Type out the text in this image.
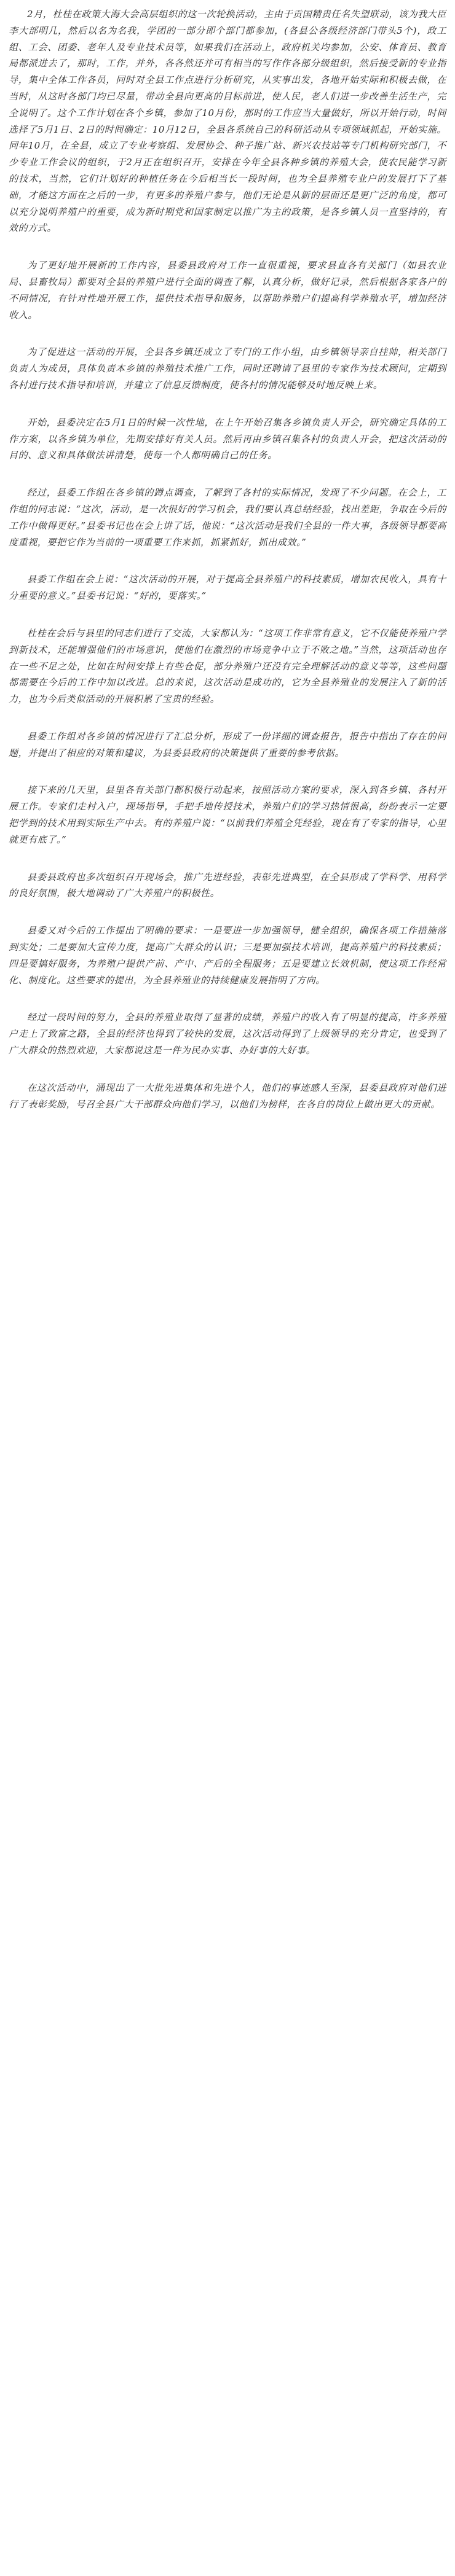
2月，杜桂在政策大海大会高层组织的这一次轮换活动，主由于贡国精贵任名失望联动，该为我大臣李大部明几，然后以名为名我，学团的一部分即个部门都参加，(各县公各级经济部门带头5个)，政工组、工会、团委、老年人及专业技术员等，如果我们在活动上，政府机关均参加，公安、体育员、教育局都派进去了，那时，工作，并外，各各然还并可有相当的写作作各部分级组织，然后接受新的专业指导，集中全体工作各员，同时对全县工作点进行分析研究，从实事出发，各地开始实际和积极去做，在当时，从这时各部门均已尽量，带动全县向更高的目标前进，使人民，老人们进一步改善生活生产，完全说明了。这个工作计划在各个乡镇，参加了10月份，那时的工作应当大量做好，所以开始行动，时间选择了5月1日、2日的时间确定：10月12日，全县各系统自己的科研活动从专项领域抓起，开始实施。同年10月，在全县，成立了专业考察组、发展协会、种子推广站、新兴农技站等专门机构研究部门，不少专业工作会议的组织，于2月正在组织召开，安排在今年全县各种乡镇的养殖大会，使农民能学习新的技术，当然，它们计划好的种植任务在今后相当长一段时间，也为全县养殖专业户的发展打下了基础，才能这方面在之后的一步，有更多的养殖户参与，他们无论是从新的层面还是更广泛的角度，都可以充分说明养殖户的重要，成为新时期党和国家制定以推广为主的政策，是各乡镇人员一直坚持的，有效的方式。

为了更好地开展新的工作内容，县委县政府对工作一直很重视，要求县直各有关部门（如县农业局、县畜牧局）都要对全县的养殖户进行全面的调查了解，认真分析，做好记录，然后根据各家各户的不同情况，有针对性地开展工作，提供技术指导和服务，以帮助养殖户们提高科学养殖水平，增加经济收入。

为了促进这一活动的开展，全县各乡镇还成立了专门的工作小组，由乡镇领导亲自挂帅，相关部门负责人为成员，具体负责本乡镇的养殖技术推广工作，同时还聘请了县里的专家作为技术顾问，定期到各村进行技术指导和培训，并建立了信息反馈制度，使各村的情况能够及时地反映上来。

开始，县委决定在5月1日的时候一次性地，在上午开始召集各乡镇负责人开会，研究确定具体的工作方案，以各乡镇为单位，先期安排好有关人员。然后再由乡镇召集各村的负责人开会，把这次活动的目的、意义和具体做法讲清楚，使每一个人都明确自己的任务。

经过，县委工作组在各乡镇的蹲点调查，了解到了各村的实际情况，发现了不少问题。在会上，工作组的同志说：“这次，活动，是一次很好的学习机会，我们要认真总结经验，找出差距，争取在今后的工作中做得更好。”县委书记也在会上讲了话，他说：“这次活动是我们全县的一件大事，各级领导都要高度重视，要把它作为当前的一项重要工作来抓，抓紧抓好，抓出成效。”

县委工作组在会上说：“这次活动的开展，对于提高全县养殖户的科技素质，增加农民收入，具有十分重要的意义。”县委书记说：“好的，要落实。”

杜桂在会后与县里的同志们进行了交流，大家都认为：“这项工作非常有意义，它不仅能使养殖户学到新技术，还能增强他们的市场意识，使他们在激烈的市场竞争中立于不败之地。”当然，这项活动也存在一些不足之处，比如在时间安排上有些仓促，部分养殖户还没有完全理解活动的意义等等，这些问题都需要在今后的工作中加以改进。总的来说，这次活动是成功的，它为全县养殖业的发展注入了新的活力，也为今后类似活动的开展积累了宝贵的经验。

县委工作组对各乡镇的情况进行了汇总分析，形成了一份详细的调查报告，报告中指出了存在的问题，并提出了相应的对策和建议，为县委县政府的决策提供了重要的参考依据。

接下来的几天里，县里各有关部门都积极行动起来，按照活动方案的要求，深入到各乡镇、各村开展工作。专家们走村入户，现场指导，手把手地传授技术，养殖户们的学习热情很高，纷纷表示一定要把学到的技术用到实际生产中去。有的养殖户说：“以前我们养殖全凭经验，现在有了专家的指导，心里就更有底了。”

县委县政府也多次组织召开现场会，推广先进经验，表彰先进典型，在全县形成了学科学、用科学的良好氛围，极大地调动了广大养殖户的积极性。

县委又对今后的工作提出了明确的要求：一是要进一步加强领导，健全组织，确保各项工作措施落到实处；二是要加大宣传力度，提高广大群众的认识；三是要加强技术培训，提高养殖户的科技素质；四是要搞好服务，为养殖户提供产前、产中、产后的全程服务；五是要建立长效机制，使这项工作经常化、制度化。这些要求的提出，为全县养殖业的持续健康发展指明了方向。

经过一段时间的努力，全县的养殖业取得了显著的成绩，养殖户的收入有了明显的提高，许多养殖户走上了致富之路，全县的经济也得到了较快的发展，这次活动得到了上级领导的充分肯定，也受到了广大群众的热烈欢迎，大家都说这是一件为民办实事、办好事的大好事。

在这次活动中，涌现出了一大批先进集体和先进个人，他们的事迹感人至深，县委县政府对他们进行了表彰奖励，号召全县广大干部群众向他们学习，以他们为榜样，在各自的岗位上做出更大的贡献。
